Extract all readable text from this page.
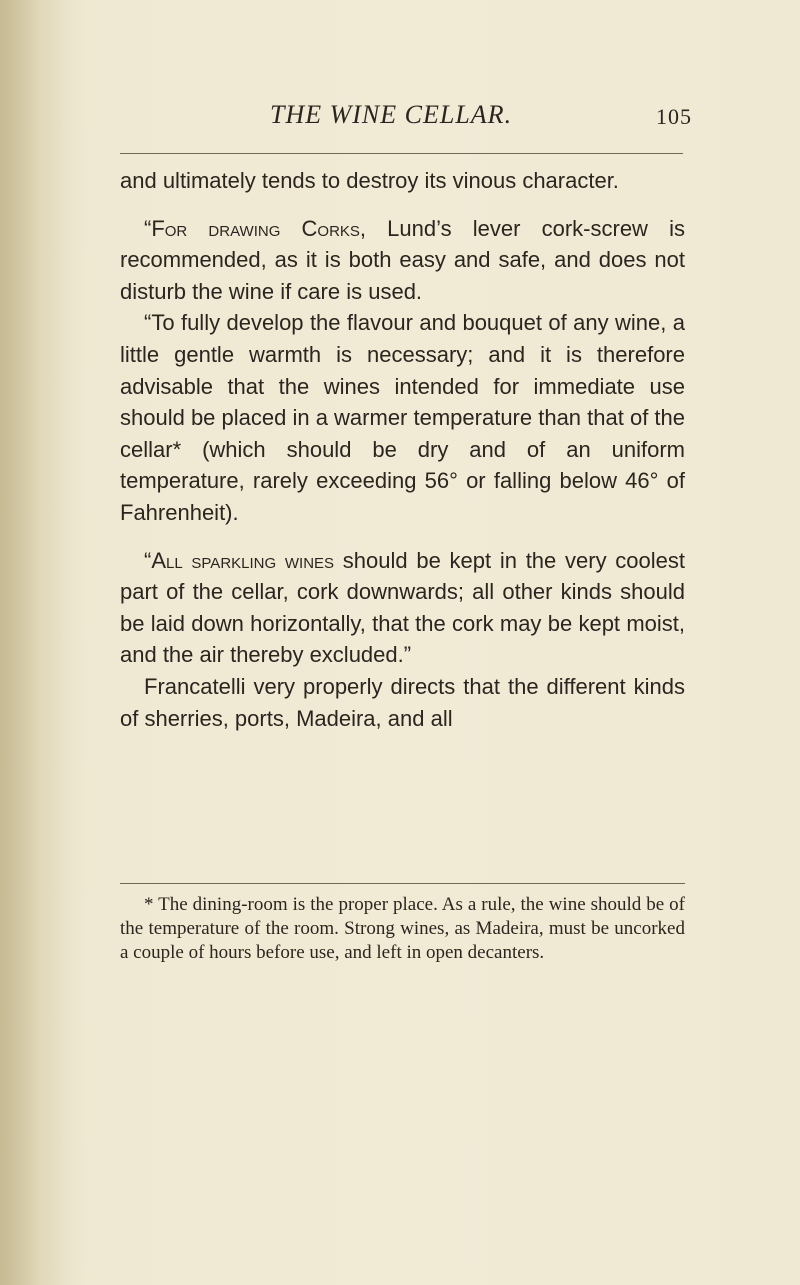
THE WINE CELLAR.	105

and ultimately tends to destroy its vinous character.

“For drawing Corks, Lund’s lever cork-screw is recommended, as it is both easy and safe, and does not disturb the wine if care is used.

“To fully develop the flavour and bouquet of any wine, a little gentle warmth is necessary; and it is therefore advisable that the wines intended for immediate use should be placed in a warmer temperature than that of the cellar* (which should be dry and of an uniform temperature, rarely exceeding 56° or falling below 46° of Fahrenheit).

“All sparkling wines should be kept in the very coolest part of the cellar, cork downwards; all other kinds should be laid down horizontally, that the cork may be kept moist, and the air thereby excluded.”

Francatelli very properly directs that the different kinds of sherries, ports, Madeira, and all

* The dining-room is the proper place. As a rule, the wine should be of the temperature of the room. Strong wines, as Madeira, must be uncorked a couple of hours before use, and left in open decanters.
